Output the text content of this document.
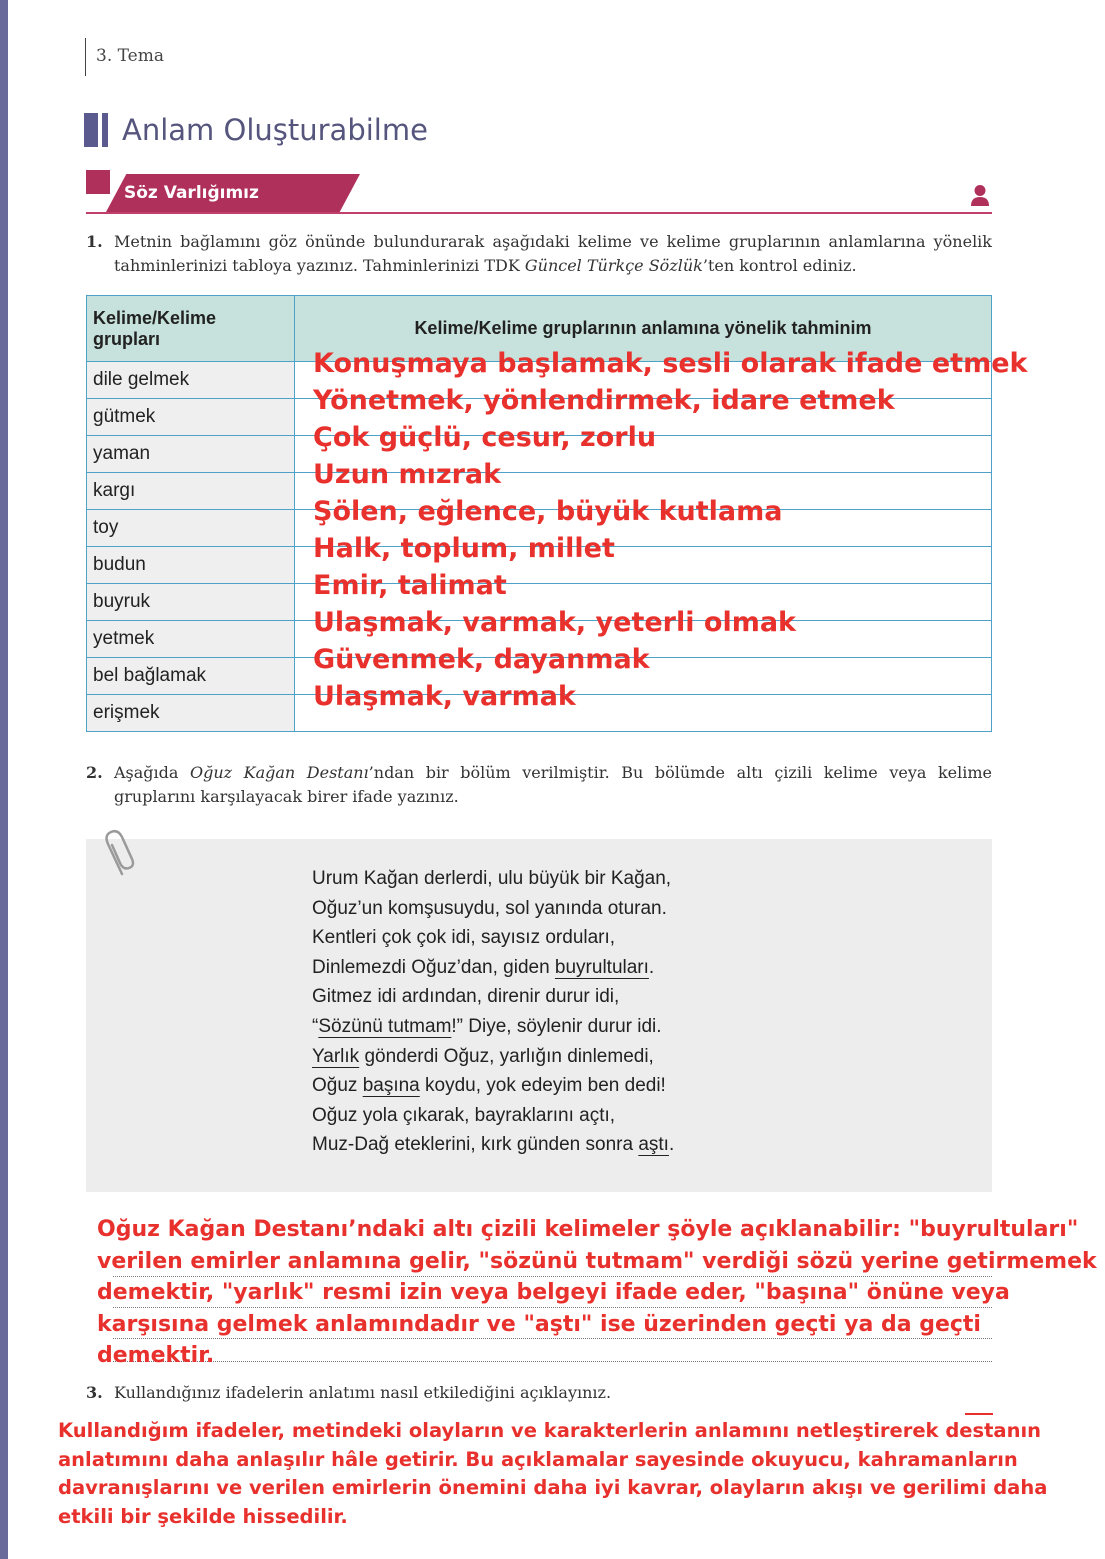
3. Tema
Anlam Oluşturabilme
Söz Varlığımız
1. Metnin bağlamını göz önünde bulundurarak aşağıdaki kelime ve kelime gruplarının anlamlarına yönelik tahminlerinizi tabloya yazınız. Tahminlerinizi TDK Güncel Türkçe Sözlük’ten kontrol ediniz.
Kelime/Kelime grupları	Kelime/Kelime gruplarının anlamına yönelik tahminim
dile gelmek	Konuşmaya başlamak, sesli olarak ifade etmek

gütmek	Yönetmek, yönlendirmek, idare etmek

yaman	Çok güçlü, cesur, zorlu

kargı	Uzun mızrak

toy	Şölen, eğlence, büyük kutlama

budun	Halk, toplum, millet

buyruk	Emir, talimat

yetmek	Ulaşmak, varmak, yeterli olmak

bel bağlamak	Güvenmek, dayanmak

erişmek	Ulaşmak, varmak
2. Aşağıda Oğuz Kağan Destanı’ndan bir bölüm verilmiştir. Bu bölümde altı çizili kelime veya kelime gruplarını karşılayacak birer ifade yazınız.
Urum Kağan derlerdi, ulu büyük bir Kağan,
Oğuz’un komşusuydu, sol yanında oturan.
Kentleri çok çok idi, sayısız orduları,
Dinlemezdi Oğuz’dan, giden buyrultuları.
Gitmez idi ardından, direnir durur idi,
“Sözünü tutmam!” Diye, söylenir durur idi.
Yarlık gönderdi Oğuz, yarlığın dinlemedi,
Oğuz başına koydu, yok edeyim ben dedi!
Oğuz yola çıkarak, bayraklarını açtı,
Muz-Dağ eteklerini, kırk günden sonra aştı.
Oğuz Kağan Destanı’ndaki altı çizili kelimeler şöyle açıklanabilir: "buyrultuları" verilen emirler anlamına gelir, "sözünü tutmam" verdiği sözü yerine getirmemek demektir, "yarlık" resmi izin veya belgeyi ifade eder, "başına" önüne veya karşısına gelmek anlamındadır ve "aştı" ise üzerinden geçti ya da geçti demektir.
3. Kullandığınız ifadelerin anlatımı nasıl etkilediğini açıklayınız.
Kullandığım ifadeler, metindeki olayların ve karakterlerin anlamını netleştirerek destanın anlatımını daha anlaşılır hâle getirir. Bu açıklamalar sayesinde okuyucu, kahramanların davranışlarını ve verilen emirlerin önemini daha iyi kavrar, olayların akışı ve gerilimi daha etkili bir şekilde hissedilir.
